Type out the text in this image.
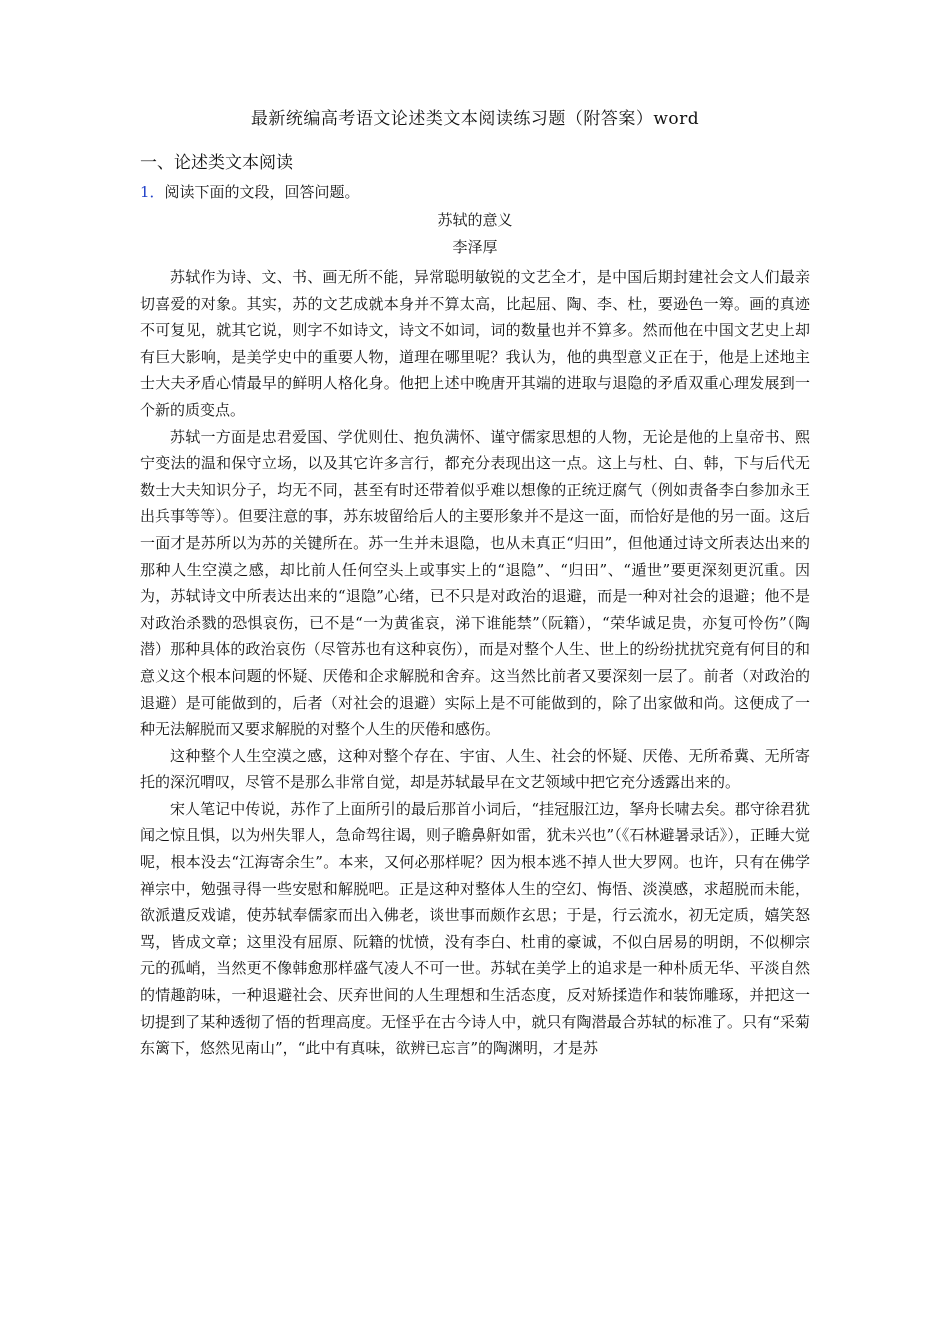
最新统编高考语文论述类文本阅读练习题（附答案）word
一、论述类文本阅读
1．阅读下面的文段，回答问题。
苏轼的意义
李泽厚

苏轼作为诗、文、书、画无所不能，异常聪明敏锐的文艺全才，是中国后期封建社会文人们最亲切喜爱的对象。其实，苏的文艺成就本身并不算太高，比起屈、陶、李、杜，要逊色一筹。画的真迹不可复见，就其它说，则字不如诗文，诗文不如词，词的数量也并不算多。然而他在中国文艺史上却有巨大影响，是美学史中的重要人物，道理在哪里呢？我认为，他的典型意义正在于，他是上述地主士大夫矛盾心情最早的鲜明人格化身。他把上述中晚唐开其端的进取与退隐的矛盾双重心理发展到一个新的质变点。

苏轼一方面是忠君爱国、学优则仕、抱负满怀、谨守儒家思想的人物，无论是他的上皇帝书、熙宁变法的温和保守立场，以及其它许多言行，都充分表现出这一点。这上与杜、白、韩，下与后代无数士大夫知识分子，均无不同，甚至有时还带着似乎难以想像的正统迂腐气（例如责备李白参加永王出兵事等等）。但要注意的事，苏东坡留给后人的主要形象并不是这一面，而恰好是他的另一面。这后一面才是苏所以为苏的关键所在。苏一生并未退隐，也从未真正“归田”，但他通过诗文所表达出来的那种人生空漠之感，却比前人任何空头上或事实上的“退隐”、“归田”、“遁世”要更深刻更沉重。因为，苏轼诗文中所表达出来的“退隐”心绪，已不只是对政治的退避，而是一种对社会的退避；他不是对政治杀戮的恐惧哀伤，已不是“一为黄雀哀，涕下谁能禁”（阮籍），“荣华诚足贵，亦复可怜伤”（陶潜）那种具体的政治哀伤（尽管苏也有这种哀伤），而是对整个人生、世上的纷纷扰扰究竟有何目的和意义这个根本问题的怀疑、厌倦和企求解脱和舍弃。这当然比前者又要深刻一层了。前者（对政治的退避）是可能做到的，后者（对社会的退避）实际上是不可能做到的，除了出家做和尚。这便成了一种无法解脱而又要求解脱的对整个人生的厌倦和感伤。

这种整个人生空漠之感，这种对整个存在、宇宙、人生、社会的怀疑、厌倦、无所希冀、无所寄托的深沉喟叹，尽管不是那么非常自觉，却是苏轼最早在文艺领域中把它充分透露出来的。

宋人笔记中传说，苏作了上面所引的最后那首小词后，“挂冠服江边，拏舟长啸去矣。郡守徐君犹闻之惊且惧，以为州失罪人，急命驾往谒，则子瞻鼻鼾如雷，犹未兴也”（《石林避暑录话》），正睡大觉呢，根本没去“江海寄余生”。本来，又何必那样呢？因为根本逃不掉人世大罗网。也许，只有在佛学禅宗中，勉强寻得一些安慰和解脱吧。正是这种对整体人生的空幻、悔悟、淡漠感，求超脱而未能，欲派遣反戏谑，使苏轼奉儒家而出入佛老，谈世事而颇作玄思；于是，行云流水，初无定质，嬉笑怒骂，皆成文章；这里没有屈原、阮籍的忧愤，没有李白、杜甫的豪诚，不似白居易的明朗，不似柳宗元的孤峭，当然更不像韩愈那样盛气凌人不可一世。苏轼在美学上的追求是一种朴质无华、平淡自然的情趣韵味，一种退避社会、厌弃世间的人生理想和生活态度，反对矫揉造作和装饰雕琢，并把这一切提到了某种透彻了悟的哲理高度。无怪乎在古今诗人中，就只有陶潜最合苏轼的标准了。只有“采菊东篱下，悠然见南山”，“此中有真味，欲辨已忘言”的陶渊明，才是苏
